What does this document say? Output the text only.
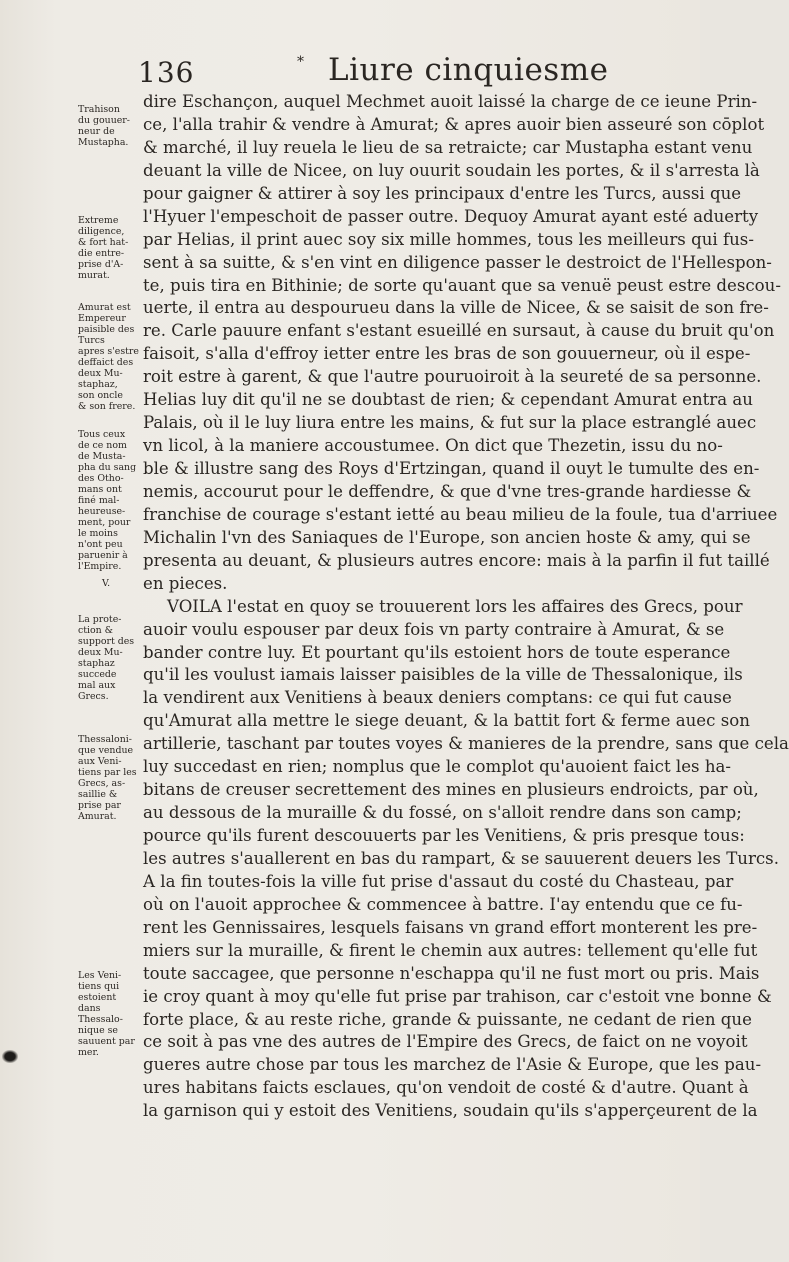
136	* Liure cinquiesme
Trahison
du gouuer-
neur de
Mustapha.
Extreme
diligence,
& fort hat-
die entre-
prise d'A-
murat.
Amurat est
Empereur
paisible des
Turcs
apres s'estre
deffaict des
deux Mu-
staphaz,
son oncle
& son frere.
Tous ceux
de ce nom
de Musta-
pha du sang
des Otho-
mans ont
finé mal-
heureuse-
ment, pour
le moins
n'ont peu
paruenir à
l'Empire.
V.
La prote-
ction &
support des
deux Mu-
staphaz
succede
mal aux
Grecs.
Thessaloni-
que vendue
aux Veni-
tiens par les
Grecs, as-
saillie &
prise par
Amurat.
Les Veni-
tiens qui
estoient
dans
Thessalo-
nique se
sauuent par
mer.
dire Eschançon, auquel Mechmet auoit laissé la charge de ce ieune Prin-
ce, l'alla trahir & vendre à Amurat; & apres auoir bien asseuré son cōplot
& marché, il luy reuela le lieu de sa retraicte; car Mustapha estant venu
deuant la ville de Nicee, on luy ouurit soudain les portes, & il s'arresta là
pour gaigner & attirer à soy les principaux d'entre les Turcs, aussi que
l'Hyuer l'empeschoit de passer outre. Dequoy Amurat ayant esté aduerty
par Helias, il print auec soy six mille hommes, tous les meilleurs qui fus-
sent à sa suitte, & s'en vint en diligence passer le destroict de l'Hellespon-
te, puis tira en Bithinie; de sorte qu'auant que sa venuë peust estre descou-
uerte, il entra au despourueu dans la ville de Nicee, & se saisit de son fre-
re. Carle pauure enfant s'estant esueillé en sursaut, à cause du bruit qu'on
faisoit, s'alla d'effroy ietter entre les bras de son gouuerneur, où il espe-
roit estre à garent, & que l'autre pouruoiroit à la seureté de sa personne.
Helias luy dit qu'il ne se doubtast de rien; & cependant Amurat entra au
Palais, où il le luy liura entre les mains, & fut sur la place estranglé auec
vn licol, à la maniere accoustumee. On dict que Thezetin, issu du no-
ble & illustre sang des Roys d'Ertzingan, quand il ouyt le tumulte des en-
nemis, accourut pour le deffendre, & que d'vne tres-grande hardiesse &
franchise de courage s'estant ietté au beau milieu de la foule, tua d'arriuee
Michalin l'vn des Saniaques de l'Europe, son ancien hoste & amy, qui se
presenta au deuant, & plusieurs autres encore: mais à la parfin il fut taillé
en pieces.
VOILA l'estat en quoy se trouuerent lors les affaires des Grecs, pour
auoir voulu espouser par deux fois vn party contraire à Amurat, & se
bander contre luy. Et pourtant qu'ils estoient hors de toute esperance
qu'il les voulust iamais laisser paisibles de la ville de Thessalonique, ils
la vendirent aux Venitiens à beaux deniers comptans: ce qui fut cause
qu'Amurat alla mettre le siege deuant, & la battit fort & ferme auec son
artillerie, taschant par toutes voyes & manieres de la prendre, sans que cela
luy succedast en rien; nomplus que le complot qu'auoient faict les ha-
bitans de creuser secrettement des mines en plusieurs endroicts, par où,
au dessous de la muraille & du fossé, on s'alloit rendre dans son camp;
pource qu'ils furent descouuerts par les Venitiens, & pris presque tous:
les autres s'auallerent en bas du rampart, & se sauuerent deuers les Turcs.
A la fin toutes-fois la ville fut prise d'assaut du costé du Chasteau, par
où on l'auoit approchee & commencee à battre. I'ay entendu que ce fu-
rent les Gennissaires, lesquels faisans vn grand effort monterent les pre-
miers sur la muraille, & firent le chemin aux autres: tellement qu'elle fut
toute saccagee, que personne n'eschappa qu'il ne fust mort ou pris. Mais
ie croy quant à moy qu'elle fut prise par trahison, car c'estoit vne bonne &
forte place, & au reste riche, grande & puissante, ne cedant de rien que
ce soit à pas vne des autres de l'Empire des Grecs, de faict on ne voyoit
gueres autre chose par tous les marchez de l'Asie & Europe, que les pau-
ures habitans faicts esclaues, qu'on vendoit de costé & d'autre. Quant à
la garnison qui y estoit des Venitiens, soudain qu'ils s'apperçeurent de la
